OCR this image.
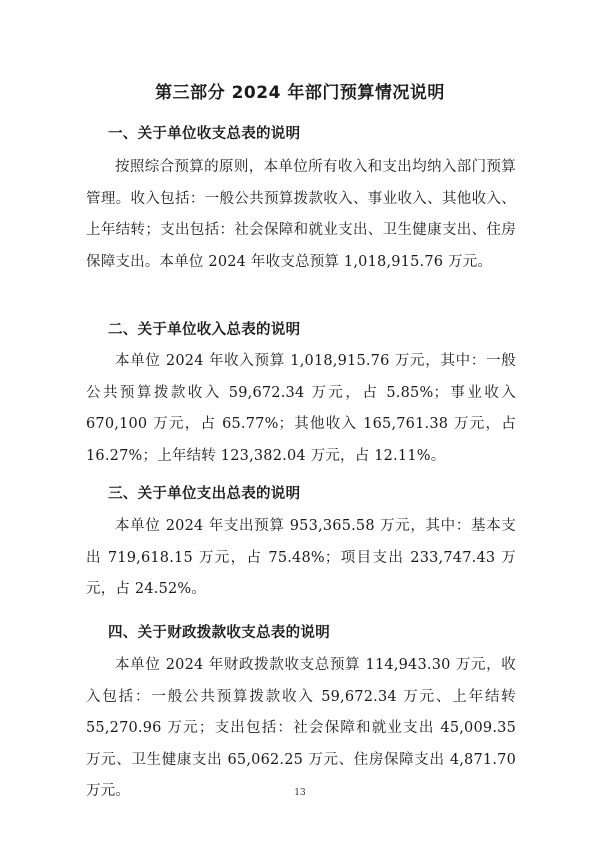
第三部分 2024 年部门预算情况说明
一、关于单位收支总表的说明
按照综合预算的原则，本单位所有收入和支出均纳入部门预算管理。收入包括：一般公共预算拨款收入、事业收入、其他收入、上年结转；支出包括：社会保障和就业支出、卫生健康支出、住房保障支出。本单位 2024 年收支总预算 1,018,915.76 万元。
二、关于单位收入总表的说明
本单位 2024 年收入预算 1,018,915.76 万元，其中：一般公共预算拨款收入 59,672.34 万元，占 5.85%；事业收入 670,100 万元，占 65.77%；其他收入 165,761.38 万元，占 16.27%；上年结转 123,382.04 万元，占 12.11%。
三、关于单位支出总表的说明
本单位 2024 年支出预算 953,365.58 万元，其中：基本支出 719,618.15 万元，占 75.48%；项目支出 233,747.43 万元，占 24.52%。
四、关于财政拨款收支总表的说明
本单位 2024 年财政拨款收支总预算 114,943.30 万元，收入包括：一般公共预算拨款收入 59,672.34 万元、上年结转 55,270.96 万元；支出包括：社会保障和就业支出 45,009.35 万元、卫生健康支出 65,062.25 万元、住房保障支出 4,871.70 万元。	13
